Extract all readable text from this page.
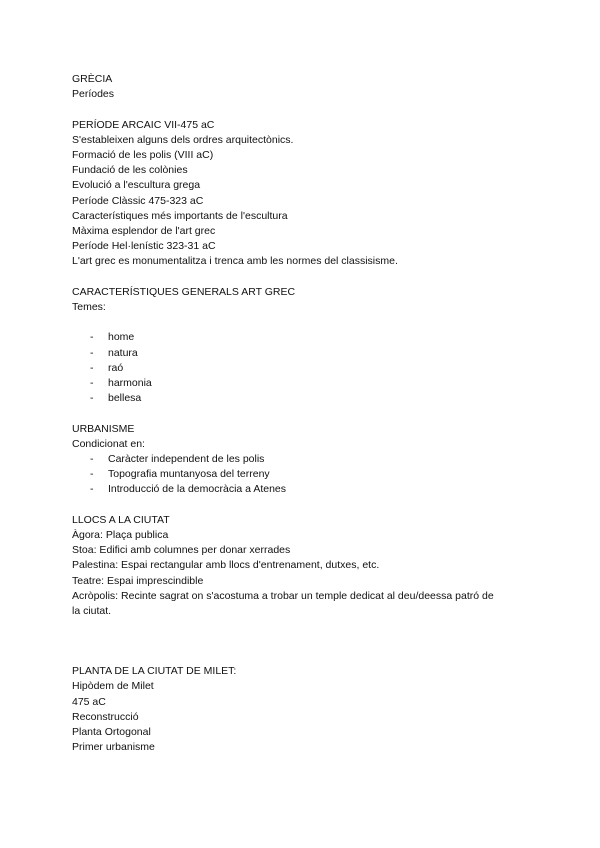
GRÈCIA
Períodes
PERÍODE ARCAIC VII-475 aC
S'estableixen alguns dels ordres arquitectònics.
Formació de les polis (VIII aC)
Fundació de les colònies
Evolució a l'escultura grega
Període Clàssic 475-323 aC
Característiques més importants de l'escultura
Màxima esplendor de l'art grec
Període Hel·lenístic 323-31 aC
L'art grec es monumentalitza i trenca amb les normes del classisisme.
CARACTERÍSTIQUES GENERALS ART GREC
Temes:
- home
- natura
- raó
- harmonia
- bellesa
URBANISME
Condicionat en:
- Caràcter independent de les polis
- Topografia muntanyosa del terreny
- Introducció de la democràcia a Atenes
LLOCS A LA CIUTAT
Àgora: Plaça publica
Stoa: Edifici amb columnes per donar xerrades
Palestina: Espai rectangular amb llocs d'entrenament, dutxes, etc.
Teatre: Espai imprescindible
Acròpolis: Recinte sagrat on s'acostuma a trobar un temple dedicat al deu/deessa patró de
la ciutat.
PLANTA DE LA CIUTAT DE MILET:
Hipòdem de Milet
475 aC
Reconstrucció
Planta Ortogonal
Primer urbanisme
